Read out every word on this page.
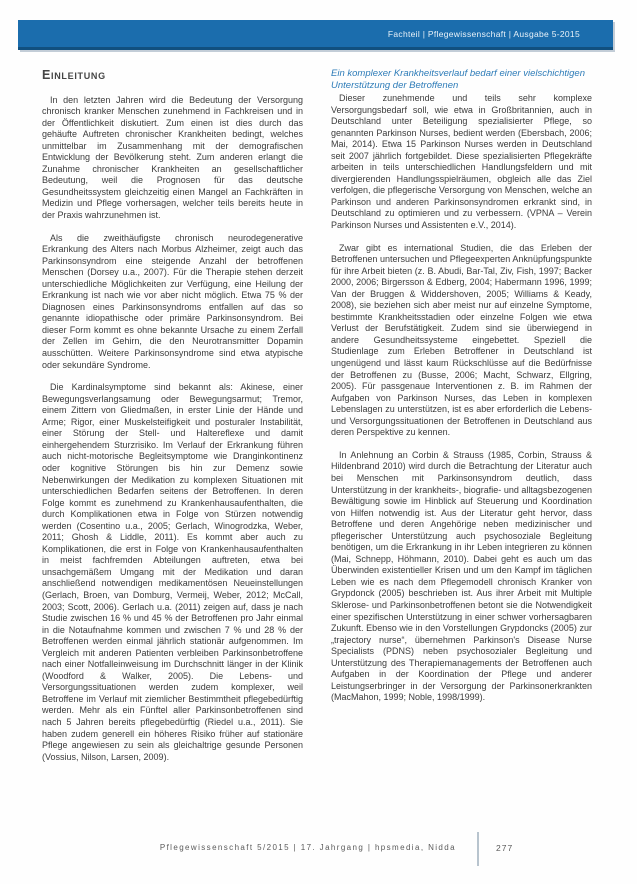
Fachteil | Pflegewissenschaft | Ausgabe 5-2015
Einleitung

In den letzten Jahren wird die Bedeutung der Versorgung chronisch kranker Menschen zunehmend in Fachkreisen und in der Öffentlichkeit diskutiert. Zum einen ist dies durch das gehäufte Auftreten chronischer Krankheiten bedingt, welches unmittelbar im Zusammenhang mit der demografischen Entwicklung der Bevölkerung steht. Zum anderen erlangt die Zunahme chronischer Krankheiten an gesellschaftlicher Bedeutung, weil die Prognosen für das deutsche Gesundheitssystem gleichzeitig einen Mangel an Fachkräften in Medizin und Pflege vorhersagen, welcher teils bereits heute in der Praxis wahrzunehmen ist.

Als die zweithäufigste chronisch neurodegenerative Erkrankung des Alters nach Morbus Alzheimer, zeigt auch das Parkinsonsyndrom eine steigende Anzahl der betroffenen Menschen (Dorsey u.a., 2007). Für die Therapie stehen derzeit unterschiedliche Möglichkeiten zur Verfügung, eine Heilung der Erkrankung ist nach wie vor aber nicht möglich. Etwa 75 % der Diagnosen eines Parkinsonsyndroms entfallen auf das so genannte idiopathische oder primäre Parkinsonsyndrom. Bei dieser Form kommt es ohne bekannte Ursache zu einem Zerfall der Zellen im Gehirn, die den Neurotransmitter Dopamin ausschütten. Weitere Parkinsonsyndrome sind etwa atypische oder sekundäre Syndrome.

Die Kardinalsymptome sind bekannt als: Akinese, einer Bewegungsverlangsamung oder Bewegungsarmut; Tremor, einem Zittern von Gliedmaßen, in erster Linie der Hände und Arme; Rigor, einer Muskelsteifigkeit und posturaler Instabilität, einer Störung der Stell- und Haltereflexe und damit einhergehendem Sturzrisiko. Im Verlauf der Erkrankung führen auch nicht-motorische Begleitsymptome wie Dranginkontinenz oder kognitive Störungen bis hin zur Demenz sowie Nebenwirkungen der Medikation zu komplexen Situationen mit unterschiedlichen Bedarfen seitens der Betroffenen. In deren Folge kommt es zunehmend zu Krankenhausaufenthalten, die durch Komplikationen etwa in Folge von Stürzen notwendig werden (Cosentino u.a., 2005; Gerlach, Winogrodzka, Weber, 2011; Ghosh & Liddle, 2011). Es kommt aber auch zu Komplikationen, die erst in Folge von Krankenhausaufenthalten in meist fachfremden Abteilungen auftreten, etwa bei unsachgemäßem Umgang mit der Medikation und daran anschließend notwendigen medikamentösen Neueinstellungen (Gerlach, Broen, van Domburg, Vermeij, Weber, 2012; McCall, 2003; Scott, 2006). Gerlach u.a. (2011) zeigen auf, dass je nach Studie zwischen 16 % und 45 % der Betroffenen pro Jahr einmal in die Notaufnahme kommen und zwischen 7 % und 28 % der Betroffenen werden einmal jährlich stationär aufgenommen. Im Vergleich mit anderen Patienten verbleiben Parkinsonbetroffene nach einer Notfalleinweisung im Durchschnitt länger in der Klinik (Woodford & Walker, 2005). Die Lebens- und Versorgungssituationen werden zudem komplexer, weil Betroffene im Verlauf mit ziemlicher Bestimmtheit pflegebedürftig werden. Mehr als ein Fünftel aller Parkinsonbetroffenen sind nach 5 Jahren bereits pflegebedürftig (Riedel u.a., 2011). Sie haben zudem generell ein höheres Risiko früher auf stationäre Pflege angewiesen zu sein als gleichaltrige gesunde Personen (Vossius, Nilson, Larsen, 2009).

Ein komplexer Krankheitsverlauf bedarf einer vielschichtigen Unterstützung der Betroffenen

Dieser zunehmende und teils sehr komplexe Versorgungsbedarf soll, wie etwa in Großbritannien, auch in Deutschland unter Beteiligung spezialisierter Pflege, so genannten Parkinson Nurses, bedient werden (Ebersbach, 2006; Mai, 2014). Etwa 15 Parkinson Nurses werden in Deutschland seit 2007 jährlich fortgebildet. Diese spezialisierten Pflegekräfte arbeiten in teils unterschiedlichen Handlungsfeldern und mit divergierenden Handlungsspielräumen, obgleich alle das Ziel verfolgen, die pflegerische Versorgung von Menschen, welche an Parkinson und anderen Parkinsonsyndromen erkrankt sind, in Deutschland zu optimieren und zu verbessern. (VPNA – Verein Parkinson Nurses und Assistenten e.V., 2014).

Zwar gibt es international Studien, die das Erleben der Betroffenen untersuchen und Pflegeexperten Anknüpfungspunkte für ihre Arbeit bieten (z. B. Abudi, Bar-Tal, Ziv, Fish, 1997; Backer 2000, 2006; Birgersson & Edberg, 2004; Habermann 1996, 1999; Van der Bruggen & Widdershoven, 2005; Williams & Keady, 2008), sie beziehen sich aber meist nur auf einzelne Symptome, bestimmte Krankheitsstadien oder einzelne Folgen wie etwa Verlust der Berufstätigkeit. Zudem sind sie überwiegend in andere Gesundheitssysteme eingebettet. Speziell die Studienlage zum Erleben Betroffener in Deutschland ist ungenügend und lässt kaum Rückschlüsse auf die Bedürfnisse der Betroffenen zu (Busse, 2006; Macht, Schwarz, Ellgring, 2005). Für passgenaue Interventionen z. B. im Rahmen der Aufgaben von Parkinson Nurses, das Leben in komplexen Lebenslagen zu unterstützen, ist es aber erforderlich die Lebens- und Versorgungssituationen der Betroffenen in Deutschland aus deren Perspektive zu kennen.

In Anlehnung an Corbin & Strauss (1985, Corbin, Strauss & Hildenbrand 2010) wird durch die Betrachtung der Literatur auch bei Menschen mit Parkinsonsyndrom deutlich, dass Unterstützung in der krankheits-, biografie- und alltagsbezogenen Bewältigung sowie im Hinblick auf Steuerung und Koordination von Hilfen notwendig ist. Aus der Literatur geht hervor, dass Betroffene und deren Angehörige neben medizinischer und pflegerischer Unterstützung auch psychosoziale Begleitung benötigen, um die Erkrankung in ihr Leben integrieren zu können (Mai, Schnepp, Höhmann, 2010). Dabei geht es auch um das Überwinden existentieller Krisen und um den Kampf im täglichen Leben wie es nach dem Pflegemodell chronisch Kranker von Grypdonck (2005) beschrieben ist. Aus ihrer Arbeit mit Multiple Sklerose- und Parkinsonbetroffenen betont sie die Notwendigkeit einer spezifischen Unterstützung in einer schwer vorhersagbaren Zukunft. Ebenso wie in den Vorstellungen Grypdoncks (2005) zur „trajectory nurse“, übernehmen Parkinson's Disease Nurse Specialists (PDNS) neben psychosozialer Begleitung und Unterstützung des Therapiemanagements der Betroffenen auch Aufgaben in der Koordination der Pflege und anderer Leistungserbringer in der Versorgung der Parkinsonerkrankten (MacMahon, 1999; Noble, 1998/1999).

Pflegewissenschaft 5/2015 | 17. Jahrgang | hpsmedia, Nidda	277
